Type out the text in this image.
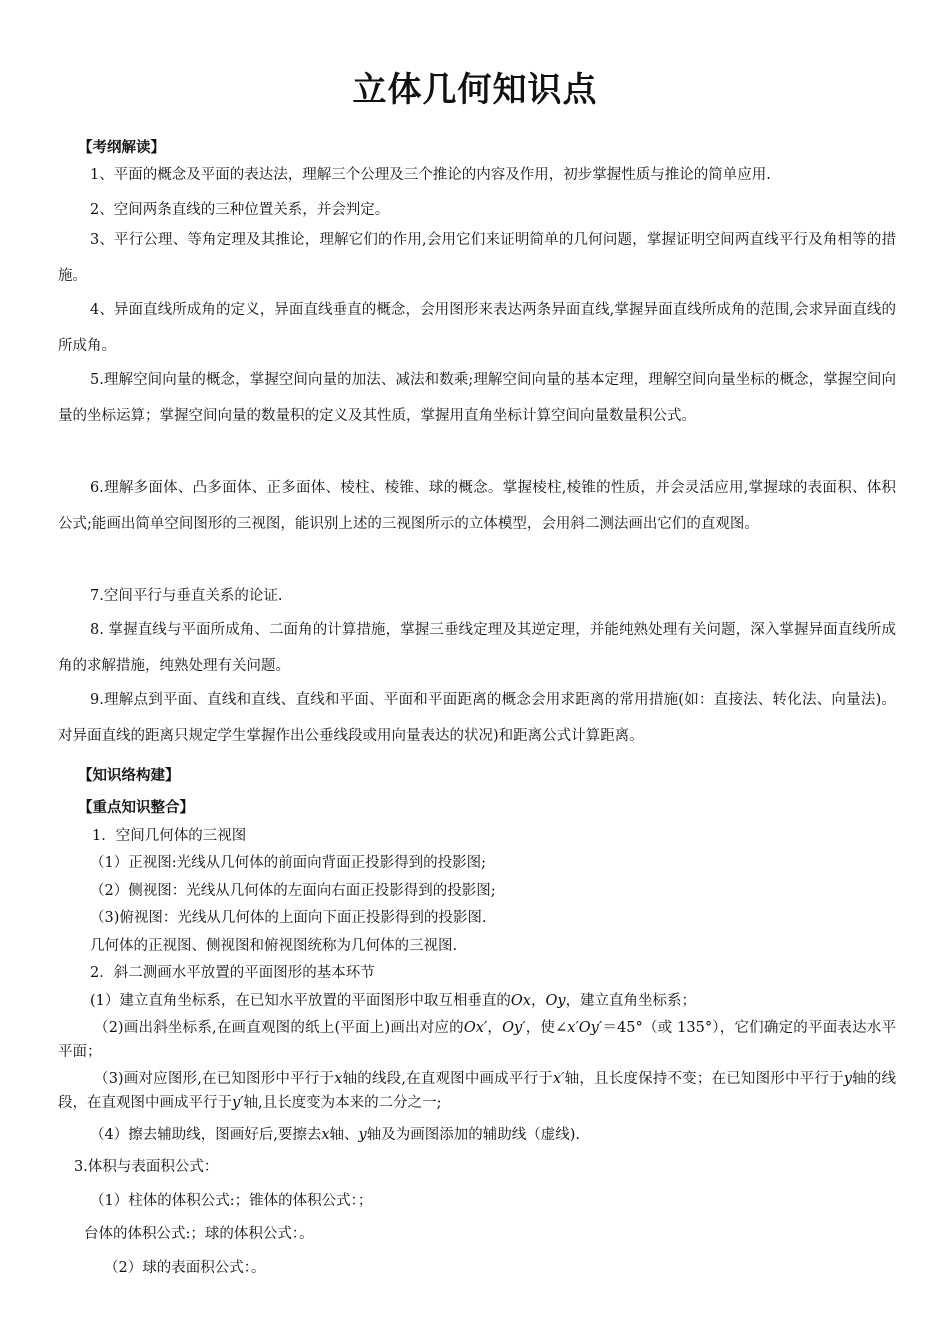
立体几何知识点
【考纲解读】
1、平面的概念及平面的表达法，理解三个公理及三个推论的内容及作用，初步掌握性质与推论的简单应用.
2、空间两条直线的三种位置关系，并会判定。
3、平行公理、等角定理及其推论，理解它们的作用,会用它们来证明简单的几何问题，掌握证明空间两直线平行及角相等的措施。
4、异面直线所成角的定义，异面直线垂直的概念，会用图形来表达两条异面直线,掌握异面直线所成角的范围,会求异面直线的所成角。
5.理解空间向量的概念，掌握空间向量的加法、减法和数乘;理解空间向量的基本定理，理解空间向量坐标的概念，掌握空间向量的坐标运算；掌握空间向量的数量积的定义及其性质，掌握用直角坐标计算空间向量数量积公式。
6.理解多面体、凸多面体、正多面体、棱柱、棱锥、球的概念。掌握棱柱,棱锥的性质，并会灵活应用,掌握球的表面积、体积公式;能画出简单空间图形的三视图，能识别上述的三视图所示的立体模型，会用斜二测法画出它们的直观图。
7.空间平行与垂直关系的论证.
8. 掌握直线与平面所成角、二面角的计算措施，掌握三垂线定理及其逆定理，并能纯熟处理有关问题，深入掌握异面直线所成角的求解措施，纯熟处理有关问题。
9.理解点到平面、直线和直线、直线和平面、平面和平面距离的概念会用求距离的常用措施(如：直接法、转化法、向量法)。对异面直线的距离只规定学生掌握作出公垂线段或用向量表达的状况)和距离公式计算距离。
【知识络构建】
【重点知识整合】
1．空间几何体的三视图
（1）正视图:光线从几何体的前面向背面正投影得到的投影图;
（2）侧视图：光线从几何体的左面向右面正投影得到的投影图;
（3)俯视图：光线从几何体的上面向下面正投影得到的投影图.
几何体的正视图、侧视图和俯视图统称为几何体的三视图.
2．斜二测画水平放置的平面图形的基本环节
(1）建立直角坐标系，在已知水平放置的平面图形中取互相垂直的Ox，Oy，建立直角坐标系；
（2)画出斜坐标系,在画直观图的纸上(平面上)画出对应的Ox′，Oy′，使∠x′Oy′＝45°（或 135°），它们确定的平面表达水平平面；
（3)画对应图形,在已知图形中平行于x轴的线段,在直观图中画成平行于x′轴，且长度保持不变；在已知图形中平行于y轴的线段，在直观图中画成平行于y′轴,且长度变为本来的二分之一;
（4）擦去辅助线，图画好后,要擦去x轴、y轴及为画图添加的辅助线（虚线).
3.体积与表面积公式：
（1）柱体的体积公式:；锥体的体积公式：；
台体的体积公式:；球的体积公式：。
（2）球的表面积公式：。
